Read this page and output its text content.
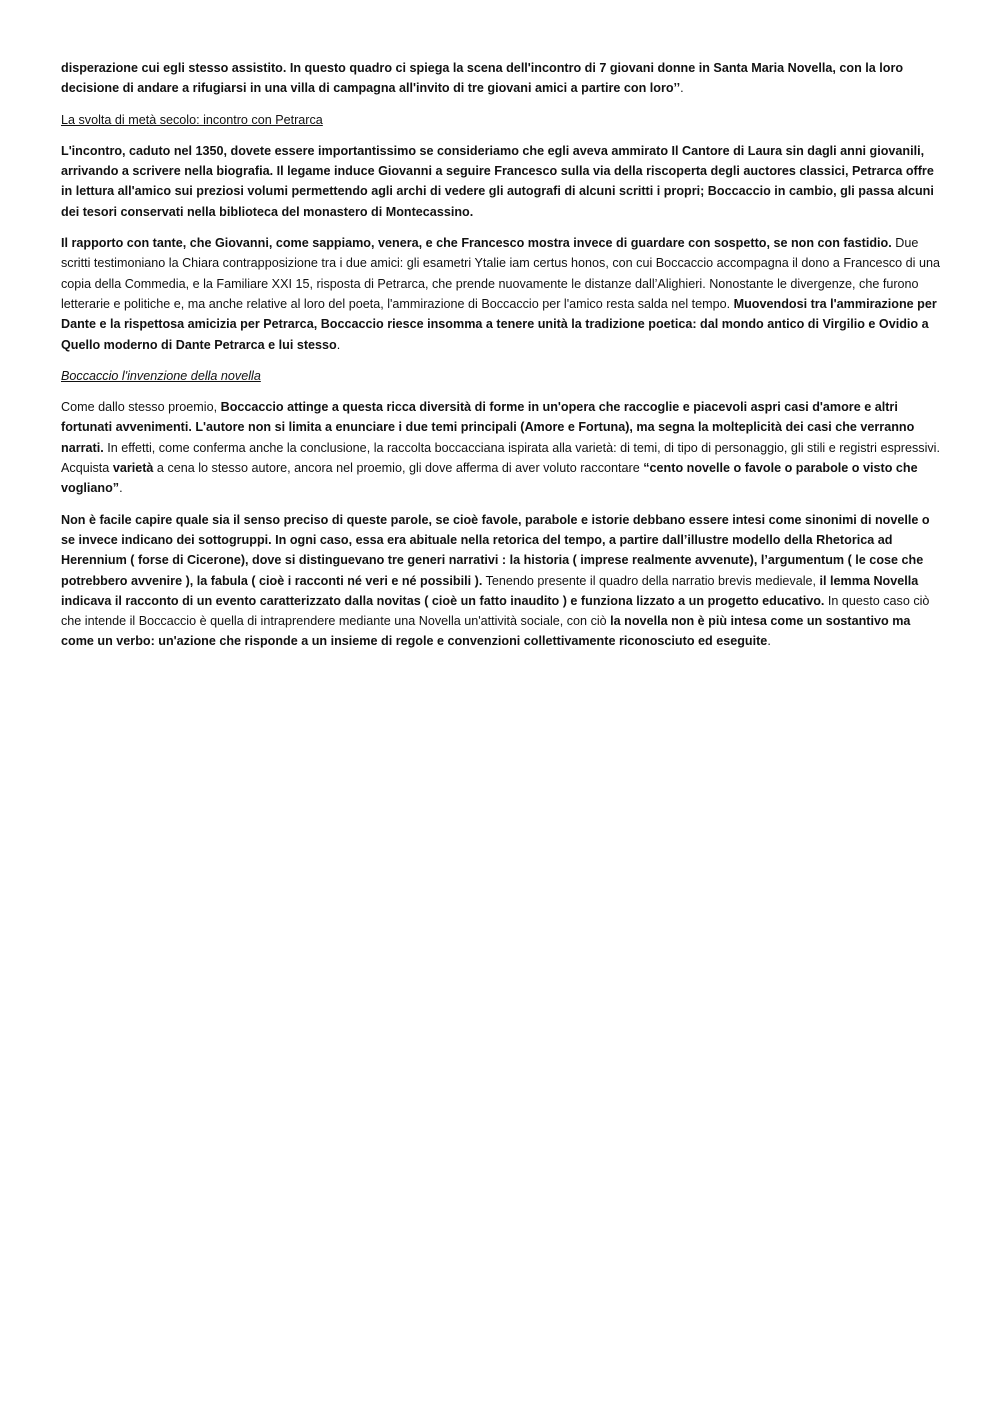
disperazione cui egli stesso assistito. In questo quadro ci spiega la scena dell'incontro di 7 giovani donne in Santa Maria Novella, con la loro decisione di andare a rifugiarsi in una villa di campagna all'invito di tre giovani amici a partire con loro’’.

La svolta di metà secolo: incontro con Petrarca

L'incontro, caduto nel 1350, dovete essere importantissimo se consideriamo che egli aveva ammirato Il Cantore di Laura sin dagli anni giovanili, arrivando a scrivere nella biografia. Il legame induce Giovanni a seguire Francesco sulla via della riscoperta degli auctores classici, Petrarca offre in lettura all'amico sui preziosi volumi permettendo agli archi di vedere gli autografi di alcuni scritti i propri; Boccaccio in cambio, gli passa alcuni dei tesori conservati nella biblioteca del monastero di Montecassino.

Il rapporto con tante, che Giovanni, come sappiamo, venera, e che Francesco mostra invece di guardare con sospetto, se non con fastidio. Due scritti testimoniano la Chiara contrapposizione tra i due amici: gli esametri Ytalie iam certus honos, con cui Boccaccio accompagna il dono a Francesco di una copia della Commedia, e la Familiare XXI 15, risposta di Petrarca, che prende nuovamente le distanze dall’Alighieri. Nonostante le divergenze, che furono letterarie e politiche e, ma anche relative al loro del poeta, l'ammirazione di Boccaccio per l'amico resta salda nel tempo. Muovendosi tra l'ammirazione per Dante e la rispettosa amicizia per Petrarca, Boccaccio riesce insomma a tenere unità la tradizione poetica: dal mondo antico di Virgilio e Ovidio a Quello moderno di Dante Petrarca e lui stesso.

Boccaccio l'invenzione della novella

Come dallo stesso proemio, Boccaccio attinge a questa ricca diversità di forme in un'opera che raccoglie e piacevoli aspri casi d'amore e altri fortunati avvenimenti. L'autore non si limita a enunciare i due temi principali (Amore e Fortuna), ma segna la molteplicità dei casi che verranno narrati. In effetti, come conferma anche la conclusione, la raccolta boccacciana ispirata alla varietà: di temi, di tipo di personaggio, gli stili e registri espressivi. Acquista varietà a cena lo stesso autore, ancora nel proemio, gli dove afferma di aver voluto raccontare “cento novelle o favole o parabole o visto che vogliano”.

Non è facile capire quale sia il senso preciso di queste parole, se cioè favole, parabole e istorie debbano essere intesi come sinonimi di novelle o se invece indicano dei sottogruppi. In ogni caso, essa era abituale nella retorica del tempo, a partire dall’illustre modello della Rhetorica ad Herennium ( forse di Cicerone), dove si distinguevano tre generi narrativi : la historia ( imprese realmente avvenute), l’argumentum ( le cose che potrebbero avvenire ), la fabula ( cioè i racconti né veri e né possibili ). Tenendo presente il quadro della narratio brevis medievale, il lemma Novella indicava il racconto di un evento caratterizzato dalla novitas ( cioè un fatto inaudito ) e funziona lizzato a un progetto educativo. In questo caso ciò che intende il Boccaccio è quella di intraprendere mediante una Novella un'attività sociale, con ciò la novella non è più intesa come un sostantivo ma come un verbo: un'azione che risponde a un insieme di regole e convenzioni collettivamente riconosciuto ed eseguite.
